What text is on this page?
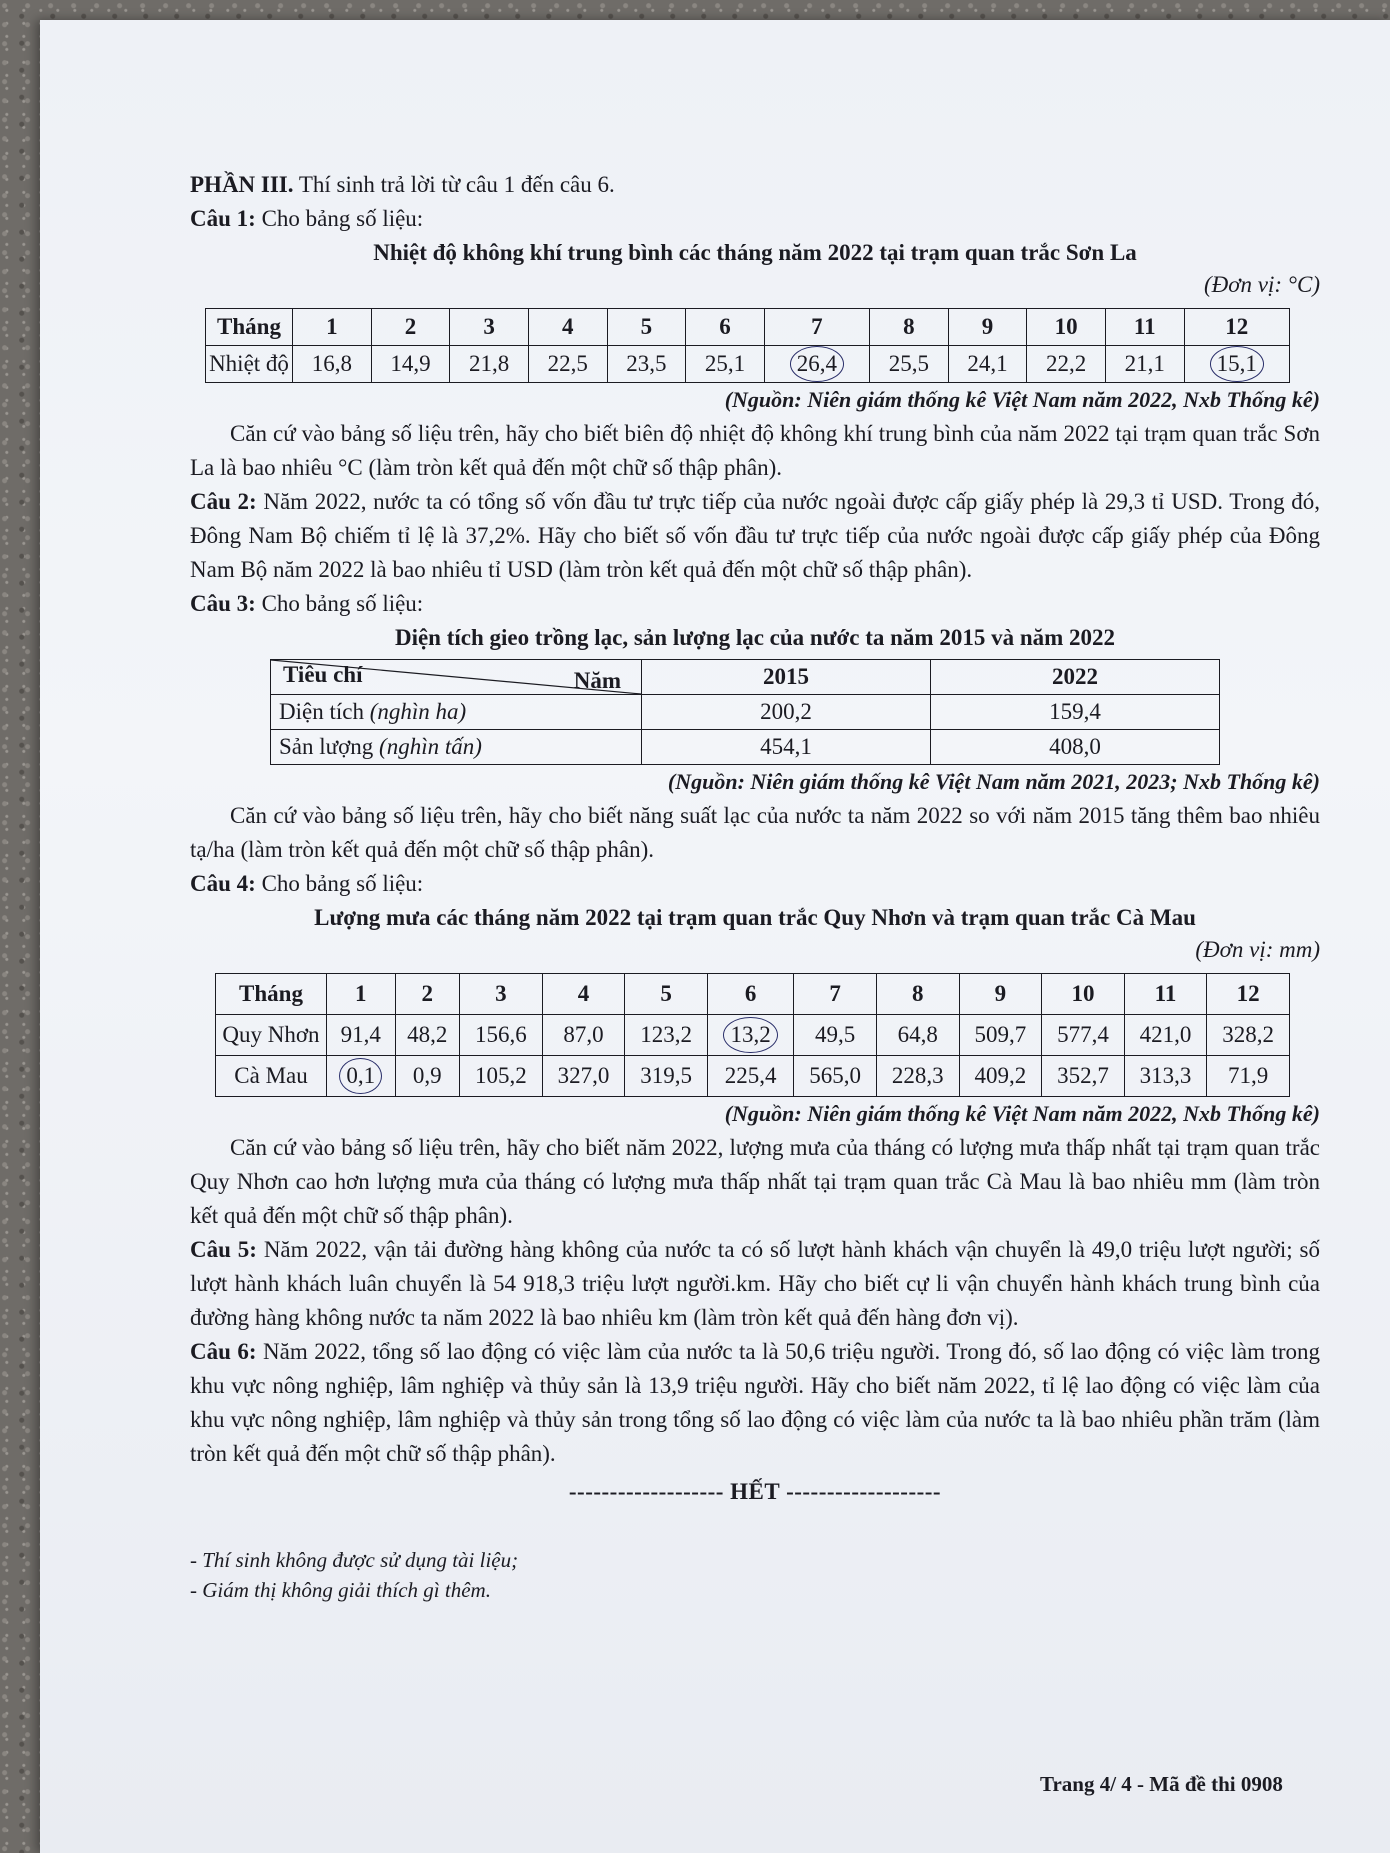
PHẦN III. Thí sinh trả lời từ câu 1 đến câu 6.

Câu 1: Cho bảng số liệu:

Nhiệt độ không khí trung bình các tháng năm 2022 tại trạm quan trắc Sơn La

(Đơn vị: °C)

Tháng	1	2	3	4	5	6	7	8	9	10	11	12
Nhiệt độ	16,8	14,9	21,8	22,5	23,5	25,1	26,4	25,5	24,1	22,2	21,1	15,1

(Nguồn: Niên giám thống kê Việt Nam năm 2022, Nxb Thống kê)

Căn cứ vào bảng số liệu trên, hãy cho biết biên độ nhiệt độ không khí trung bình của năm 2022 tại trạm quan trắc Sơn La là bao nhiêu °C (làm tròn kết quả đến một chữ số thập phân).

Câu 2: Năm 2022, nước ta có tổng số vốn đầu tư trực tiếp của nước ngoài được cấp giấy phép là 29,3 tỉ USD. Trong đó, Đông Nam Bộ chiếm tỉ lệ là 37,2%. Hãy cho biết số vốn đầu tư trực tiếp của nước ngoài được cấp giấy phép của Đông Nam Bộ năm 2022 là bao nhiêu tỉ USD (làm tròn kết quả đến một chữ số thập phân).

Câu 3: Cho bảng số liệu:

Diện tích gieo trồng lạc, sản lượng lạc của nước ta năm 2015 và năm 2022

Năm
Tiêu chí	2015	2022
Diện tích (nghìn ha)	200,2	159,4
Sản lượng (nghìn tấn)	454,1	408,0

(Nguồn: Niên giám thống kê Việt Nam năm 2021, 2023; Nxb Thống kê)

Căn cứ vào bảng số liệu trên, hãy cho biết năng suất lạc của nước ta năm 2022 so với năm 2015 tăng thêm bao nhiêu tạ/ha (làm tròn kết quả đến một chữ số thập phân).

Câu 4: Cho bảng số liệu:

Lượng mưa các tháng năm 2022 tại trạm quan trắc Quy Nhơn và trạm quan trắc Cà Mau

(Đơn vị: mm)

Tháng	1	2	3	4	5	6	7	8	9	10	11	12
Quy Nhơn	91,4	48,2	156,6	87,0	123,2	13,2	49,5	64,8	509,7	577,4	421,0	328,2
Cà Mau	0,1	0,9	105,2	327,0	319,5	225,4	565,0	228,3	409,2	352,7	313,3	71,9

(Nguồn: Niên giám thống kê Việt Nam năm 2022, Nxb Thống kê)

Căn cứ vào bảng số liệu trên, hãy cho biết năm 2022, lượng mưa của tháng có lượng mưa thấp nhất tại trạm quan trắc Quy Nhơn cao hơn lượng mưa của tháng có lượng mưa thấp nhất tại trạm quan trắc Cà Mau là bao nhiêu mm (làm tròn kết quả đến một chữ số thập phân).

Câu 5: Năm 2022, vận tải đường hàng không của nước ta có số lượt hành khách vận chuyển là 49,0 triệu lượt người; số lượt hành khách luân chuyển là 54 918,3 triệu lượt người.km. Hãy cho biết cự li vận chuyển hành khách trung bình của đường hàng không nước ta năm 2022 là bao nhiêu km (làm tròn kết quả đến hàng đơn vị).

Câu 6: Năm 2022, tổng số lao động có việc làm của nước ta là 50,6 triệu người. Trong đó, số lao động có việc làm trong khu vực nông nghiệp, lâm nghiệp và thủy sản là 13,9 triệu người. Hãy cho biết năm 2022, tỉ lệ lao động có việc làm của khu vực nông nghiệp, lâm nghiệp và thủy sản trong tổng số lao động có việc làm của nước ta là bao nhiêu phần trăm (làm tròn kết quả đến một chữ số thập phân).

------------------- HẾT -------------------

- Thí sinh không được sử dụng tài liệu;
- Giám thị không giải thích gì thêm.
Trang 4/ 4 - Mã đề thi 0908
